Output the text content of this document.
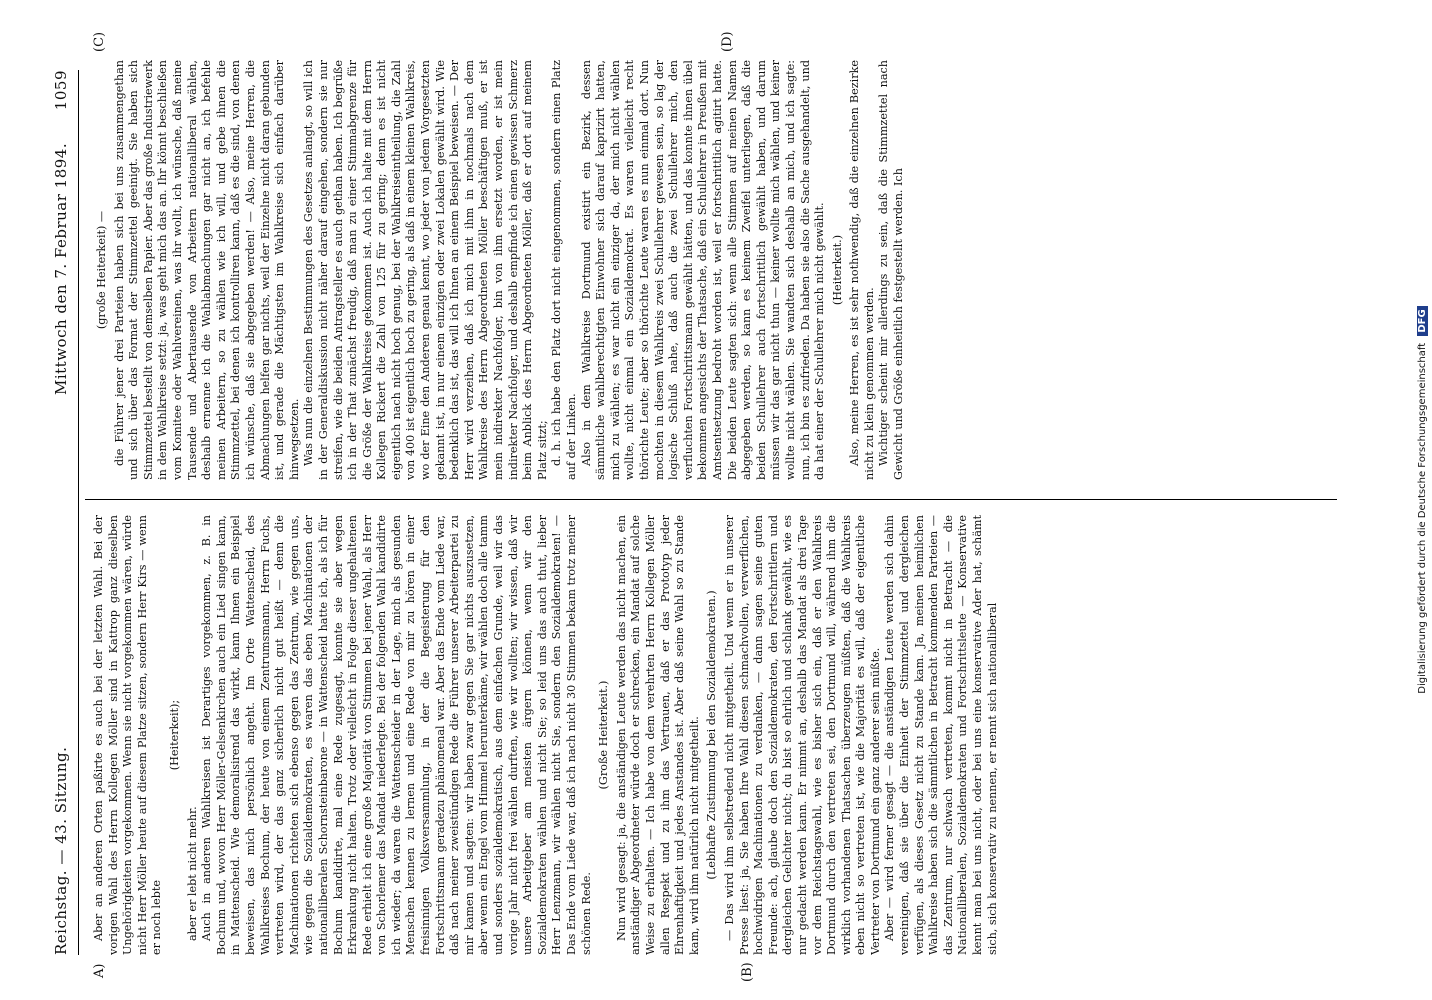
Reichstag. — 43. Sitzung.
Mittwoch den 7. Februar 1894.
1059
A)	(B)
(C)	(D)

Aber an anderen Orten paßirte es auch bei der letzten Wahl. Bei der vorigen Wahl des Herrn Kollegen Möller sind in Kattrop ganz dieselben Ungehörigkeiten vorgekommen. Wenn sie nicht vorgekommen wären, würde nicht Herr Möller heute auf diesem Platze sitzen, sondern Herr Kirs — wenn er noch lebte

(Heiterkeit);

aber er lebt nicht mehr. Auch in anderen Wahlkreisen ist Derartiges vorgekommen, z. B. in Bochum und, wovon Herr Möller-Gelsenkirchen auch ein Lied singen kann, in Mattenscheid. Wie demoralisirend das wirkt, kann Ihnen ein Beispiel beweisen, das mich persönlich angeht. Im Orte Wattenscheid, des Wahlkreises Bochum, der heute von einem Zentrumsmann, Herrn Fuchs, vertreten wird, der das ganz sicherlich nicht gut heißt — denn die Machinationen richteten sich ebenso gegen das Zentrum, wie gegen uns, wie gegen die Sozialdemokraten, es waren das eben Machinationen der nationalliberalen Schornsteinbarone — in Wattenscheid hatte ich, als ich für Bochum kandidirte, mal eine Rede zugesagt, konnte sie aber wegen Erkrankung nicht halten. Trotz oder vielleicht in Folge dieser ungehaltenen Rede erhielt ich eine große Majorität von Stimmen bei jener Wahl, als Herr von Schorlemer das Mandat niederlegte. Bei der folgenden Wahl kandidirte ich wieder; da waren die Wattenscheider in der Lage, mich als gesunden Menschen kennen zu lernen und eine Rede von mir zu hören in einer freisinnigen Volksversammlung, in der die Begeisterung für den Fortschrittsmann geradezu phänomenal war. Aber das Ende vom Liede war, daß nach meiner zweistündigen Rede die Führer unserer Arbeiterpartei zu mir kamen und sagten: wir haben zwar gegen Sie gar nichts auszusetzen, aber wenn ein Engel vom Himmel herunterkäme, wir wählen doch alle tamm und sonders sozialdemokratisch, aus dem einfachen Grunde, weil wir das vorige Jahr nicht frei wählen durften, wie wir wollten; wir wissen, daß wir unsere Arbeitgeber am meisten ärgern können, wenn wir den Sozialdemokraten wählen und nicht Sie; so leid uns das auch thut, lieber Herr Lenzmann, wir wählen nicht Sie, sondern den Sozialdemokraten! — Das Ende vom Liede war, daß ich nach nicht 30 Stimmen bekam trotz meiner schönen Rede.

(Große Heiterkeit.) Nun wird gesagt: ja, die anständigen Leute werden das nicht machen, ein anständiger Abgeordneter würde doch er schrecken, ein Mandat auf solche Weise zu erhalten. — Ich habe von dem verehrten Herrn Kollegen Möller allen Respekt und zu ihm das Vertrauen, daß er das Prototyp jeder Ehrenhaftigkeit und jedes Anstandes ist. Aber daß seine Wahl so zu Stande kam, wird ihm natürlich nicht mitgetheilt. (Lebhafte Zustimmung bei den Sozialdemokraten.) — Das wird ihm selbstredend nicht mitgetheilt. Und wenn er in unserer Presse liest: ja, Sie haben Ihre Wahl diesen schmachvollen, verwerflichen, hochwidrigen Machinationen zu verdanken, — dann sagen seine guten Freunde: ach, glaube doch den Sozialdemokraten, den Fortschrittlern und dergleichen Gelichter nicht; du bist so ehrlich und schlank gewählt, wie es nur gedacht werden kann. Er nimmt an, deshalb das Mandat als drei Tage vor dem Reichstagswahl, wie es bisher sich ein, daß er den Wahlkreis Dortmund durch den vertreten sei, den Dortmund will, während ihm die wirklich vorhandenen Thatsachen überzeugen müßten, daß die Wahlkreis eben nicht so vertreten ist, wie die Majorität es will, daß der eigentliche Vertreter von Dortmund ein ganz anderer sein müßte. Aber — wird ferner gesagt — die anständigen Leute werden sich dahin vereinigen, daß sie über die Einheit der Stimmzettel und dergleichen verfügen, als dieses Gesetz nicht zu Stande kam. Ja, meinen heimlichen Wahlkreise haben sich die sämmtlichen in Betracht kommenden Parteien — das Zentrum, nur schwach vertreten, kommt nicht in Betracht — die Nationalliberalen, Sozialdemokraten und Fortschrittsleute — Konservative kennt man bei uns nicht, oder bei uns eine konservative Ader hat, schämt sich, sich konservativ zu nennen, er nennt sich nationalliberal

(große Heiterkeit) — die Führer jener drei Parteien haben sich bei uns zusammengethan und sich über das Format der Stimmzettel geeinigt. Sie haben sich Stimmzettel bestellt von demselben Papier. Aber das große Industriewerk in dem Wahlkreise setzt: ja, was geht mich das an. Ihr könnt beschließen vom Komitee oder Wahlvereinen, was ihr wollt, ich wünsche, daß meine Tausende und Abertausende von Arbeitern nationalliberal wählen, deshalb ernenne ich die Wahlabmachungen gar nicht an, ich befehle meinen Arbeitern, so zu wählen wie ich will, und gebe ihnen die Stimmzettel, bei denen ich kontrolliren kann, daß es die sind, von denen ich wünsche, daß sie abgegeben werden! — Also, meine Herren, die Abmachungen helfen gar nichts, weil der Einzelne nicht daran gebunden ist, und gerade die Mächtigsten im Wahlkreise sich einfach darüber hinwegsetzen. Was nun die einzelnen Bestimmungen des Gesetzes anlangt, so will ich in der Generaldiskussion nicht näher darauf eingehen, sondern sie nur streifen, wie die beiden Antragsteller es auch gethan haben. Ich begrüße ich in der That zunächst freudig, daß man zu einer Stimmabgrenze für die Größe der Wahlkreise gekommen ist. Auch ich halte mit dem Herrn Kollegen Rickert die Zahl von 125 für zu gering; denn es ist nicht eigentlich nach nicht hoch genug, bei der Wahlkreiseintheilung, die Zahl von 400 ist eigentlich hoch zu gering, als daß in einem kleinen Wahlkreis, wo der Eine den Anderen genau kennt, wo jeder von jedem Vorgesetzten gekannt ist, in nur einem einzigen oder zwei Lokalen gewählt wird. Wie bedenklich das ist, das will ich Ihnen an einem Beispiel beweisen. — Der Herr wird verzeihen, daß ich mich mit ihm in nochmals nach dem Wahlkreise des Herrn Abgeordneten Möller beschäftigen muß, er ist mein indirekter Nachfolger, bin von ihm ersetzt worden, er ist mein indirekter Nachfolger, und deshalb empfinde ich einen gewissen Schmerz beim Anblick des Herrn Abgeordneten Möller, daß er dort auf meinem Platz sitzt; d. h. ich habe den Platz dort nicht eingenommen, sondern einen Platz auf der Linken. Also in dem Wahlkreise Dortmund existirt ein Bezirk, dessen sämmtliche wahlberechtigten Einwohner sich darauf kaprizirt hatten, mich zu wählen; es war nicht ein einziger da, der mich nicht wählen wollte, nicht einmal ein Sozialdemokrat. Es waren vielleicht recht thörichte Leute; aber so thörichte Leute waren es nun einmal dort. Nun mochten in diesem Wahlkreis zwei Schullehrer gewesen sein, so lag der logische Schluß nahe, daß auch die zwei Schullehrer mich, den verfluchten Fortschrittsmann gewählt hätten, und das konnte ihnen übel bekommen angesichts der Thatsache, daß ein Schullehrer in Preußen mit Amtsentsetzung bedroht worden ist, weil er fortschrittlich agitirt hatte. Die beiden Leute sagten sich: wenn alle Stimmen auf meinen Namen abgegeben werden, so kann es keinem Zweifel unterliegen, daß die beiden Schullehrer auch fortschrittlich gewählt haben, und darum müssen wir das gar nicht thun — keiner wollte mich wählen, und keiner wollte nicht wählen. Sie wandten sich deshalb an mich, und ich sagte: nun, ich bin es zufrieden. Da haben sie also die Sache ausgehandelt, und da hat einer der Schullehrer mich nicht gewählt. (Heiterkeit.) Also, meine Herren, es ist sehr nothwendig, daß die einzelnen Bezirke nicht zu klein genommen werden. Wichtiger scheint mir allerdings zu sein, daß die Stimmzettel nach Gewicht und Größe einheitlich festgestellt werden. Ich

Digitalisierung gefördert durch die Deutsche Forschungsgemeinschaft DFG
